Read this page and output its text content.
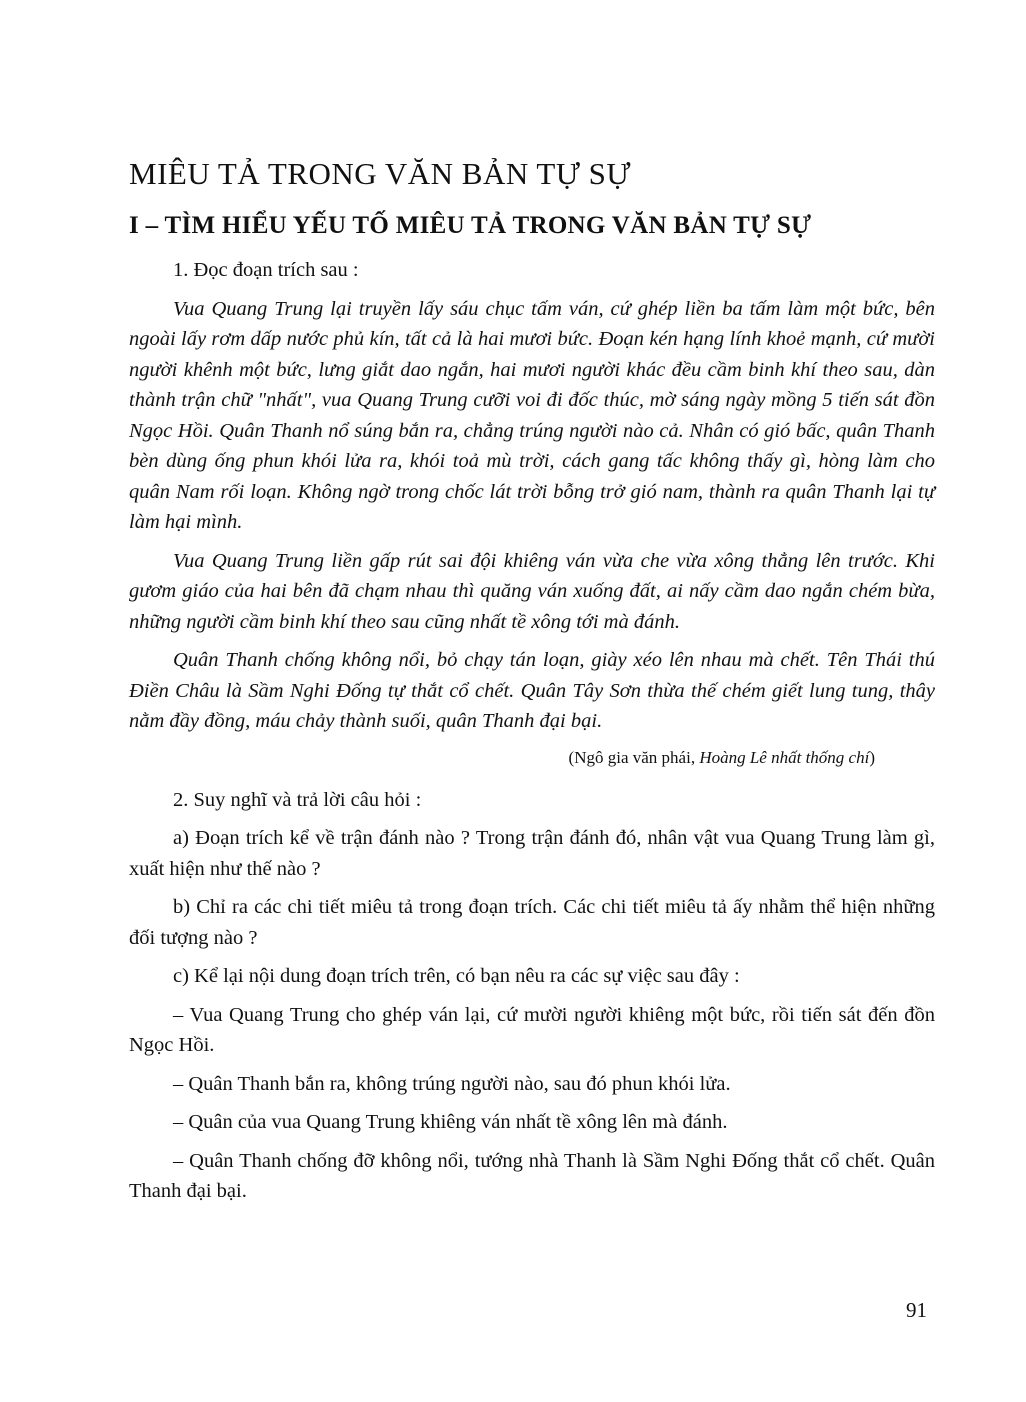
MIÊU TẢ TRONG VĂN BẢN TỰ SỰ
I – TÌM HIỂU YẾU TỐ MIÊU TẢ TRONG VĂN BẢN TỰ SỰ

1. Đọc đoạn trích sau :

Vua Quang Trung lại truyền lấy sáu chục tấm ván, cứ ghép liền ba tấm làm một bức, bên ngoài lấy rơm dấp nước phủ kín, tất cả là hai mươi bức. Đoạn kén hạng lính khoẻ mạnh, cứ mười người khênh một bức, lưng giắt dao ngắn, hai mươi người khác đều cầm binh khí theo sau, dàn thành trận chữ "nhất", vua Quang Trung cưỡi voi đi đốc thúc, mờ sáng ngày mồng 5 tiến sát đồn Ngọc Hồi. Quân Thanh nổ súng bắn ra, chẳng trúng người nào cả. Nhân có gió bấc, quân Thanh bèn dùng ống phun khói lửa ra, khói toả mù trời, cách gang tấc không thấy gì, hòng làm cho quân Nam rối loạn. Không ngờ trong chốc lát trời bỗng trở gió nam, thành ra quân Thanh lại tự làm hại mình.

Vua Quang Trung liền gấp rút sai đội khiêng ván vừa che vừa xông thẳng lên trước. Khi gươm giáo của hai bên đã chạm nhau thì quăng ván xuống đất, ai nấy cầm dao ngắn chém bừa, những người cầm binh khí theo sau cũng nhất tề xông tới mà đánh.

Quân Thanh chống không nổi, bỏ chạy tán loạn, giày xéo lên nhau mà chết. Tên Thái thú Điền Châu là Sầm Nghi Đống tự thắt cổ chết. Quân Tây Sơn thừa thế chém giết lung tung, thây nằm đầy đồng, máu chảy thành suối, quân Thanh đại bại.

(Ngô gia văn phái, Hoàng Lê nhất thống chí)

2. Suy nghĩ và trả lời câu hỏi :

a) Đoạn trích kể về trận đánh nào ? Trong trận đánh đó, nhân vật vua Quang Trung làm gì, xuất hiện như thế nào ?

b) Chỉ ra các chi tiết miêu tả trong đoạn trích. Các chi tiết miêu tả ấy nhằm thể hiện những đối tượng nào ?

c) Kể lại nội dung đoạn trích trên, có bạn nêu ra các sự việc sau đây :

– Vua Quang Trung cho ghép ván lại, cứ mười người khiêng một bức, rồi tiến sát đến đồn Ngọc Hồi.

– Quân Thanh bắn ra, không trúng người nào, sau đó phun khói lửa.

– Quân của vua Quang Trung khiêng ván nhất tề xông lên mà đánh.

– Quân Thanh chống đỡ không nổi, tướng nhà Thanh là Sầm Nghi Đống thắt cổ chết. Quân Thanh đại bại.

91
